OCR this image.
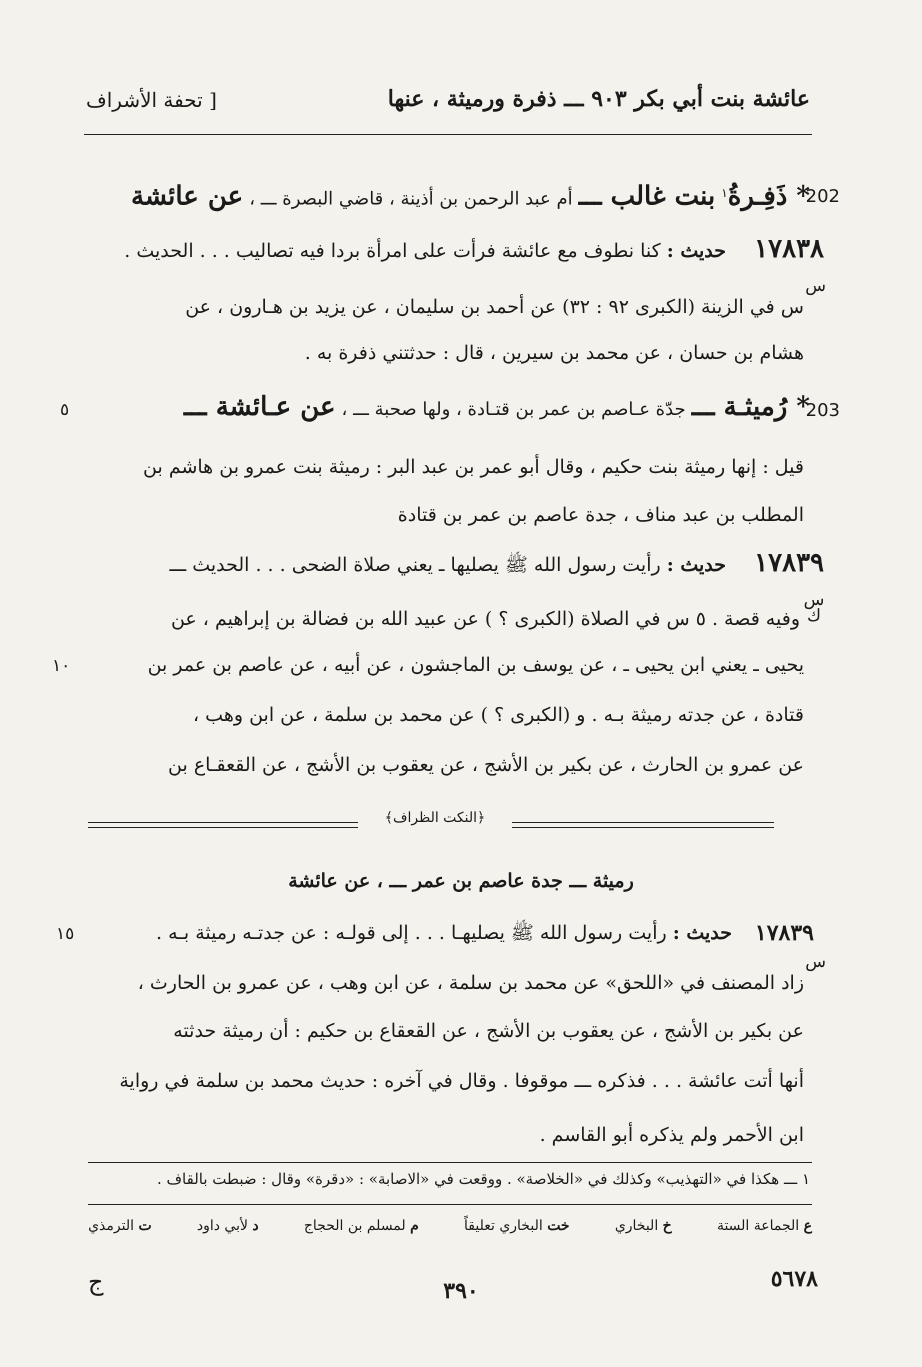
عائشة بنت أبي بكر ٩٠٣ ـــ ذفرة ورميثة ، عنها
[ تحفة الأشراف
202
* ذَفِـرةُ$^١$ بنت غالب ـــ أم عبد الرحمن بن أذينة ، قاضي البصرة ـــ ، عن عائشة
١٧٨٣٨
حديث : كنا نطوف مع عائشة فرأت على امرأة بردا فيه تصاليب . . . الحديث .
س
س في الزينة (الكبرى ٩٢ : ٣٢) عن أحمد بن سليمان ، عن يزيد بن هـارون ، عن
هشام بن حسان ، عن محمد بن سيرين ، قال : حدثتني ذفرة به .
203
* رُميثـة ـــ جدّة عـاصم بن عمر بن قتـادة ، ولها صحبة ـــ ، عن عـائشة ـــ
٥
قيل : إنها رميثة بنت حكيم ، وقال أبو عمر بن عبد البر : رميثة بنت عمرو بن هاشم بن
المطلب بن عبد مناف ، جدة عاصم بن عمر بن قتادة
١٧٨٣٩
حديث : رأيت رسول الله ﷺ يصليها ـ يعني صلاة الضحى . . . الحديث ـــ
س ك
وفيه قصة . ٥ س في الصلاة (الكبرى ؟ ) عن عبيد الله بن فضالة بن إبراهيم ، عن
يحيى ـ يعني ابن يحيى ـ ، عن يوسف بن الماجشون ، عن أبيه ، عن عاصم بن عمر بن
١٠
قتادة ، عن جدته رميثة بـه . و (الكبرى ؟ ) عن محمد بن سلمة ، عن ابن وهب ،
عن عمرو بن الحارث ، عن بكير بن الأشج ، عن يعقوب بن الأشج ، عن القعقـاع بن
﴿النكت الظراف﴾
رميثة ـــ جدة عاصم بن عمر ـــ ، عن عائشة
١٧٨٣٩
حديث : رأيت رسول الله ﷺ يصليهـا . . . إلى قولـه : عن جدتـه رميثة بـه .
١٥
س
زاد المصنف في «اللحق» عن محمد بن سلمة ، عن ابن وهب ، عن عمرو بن الحارث ،
عن بكير بن الأشج ، عن يعقوب بن الأشج ، عن القعقاع بن حكيم : أن رميثة حدثته
أنها أتت عائشة . . . فذكره ـــ موقوفا . وقال في آخره : حديث محمد بن سلمة في رواية
ابن الأحمر ولم يذكره أبو القاسم .
١ ـــ هكذا في «التهذيب» وكذلك في «الخلاصة» . ووقعت في «الاصابة» : «دقرة» وقال : ضبطت بالقاف .
ع الجماعة الستة
خ البخاري
خت البخاري تعليقاً
م لمسلم بن الحجاج
د لأبي داود
ت الترمذي
٥٦٧٨
٣٩٠
ج
